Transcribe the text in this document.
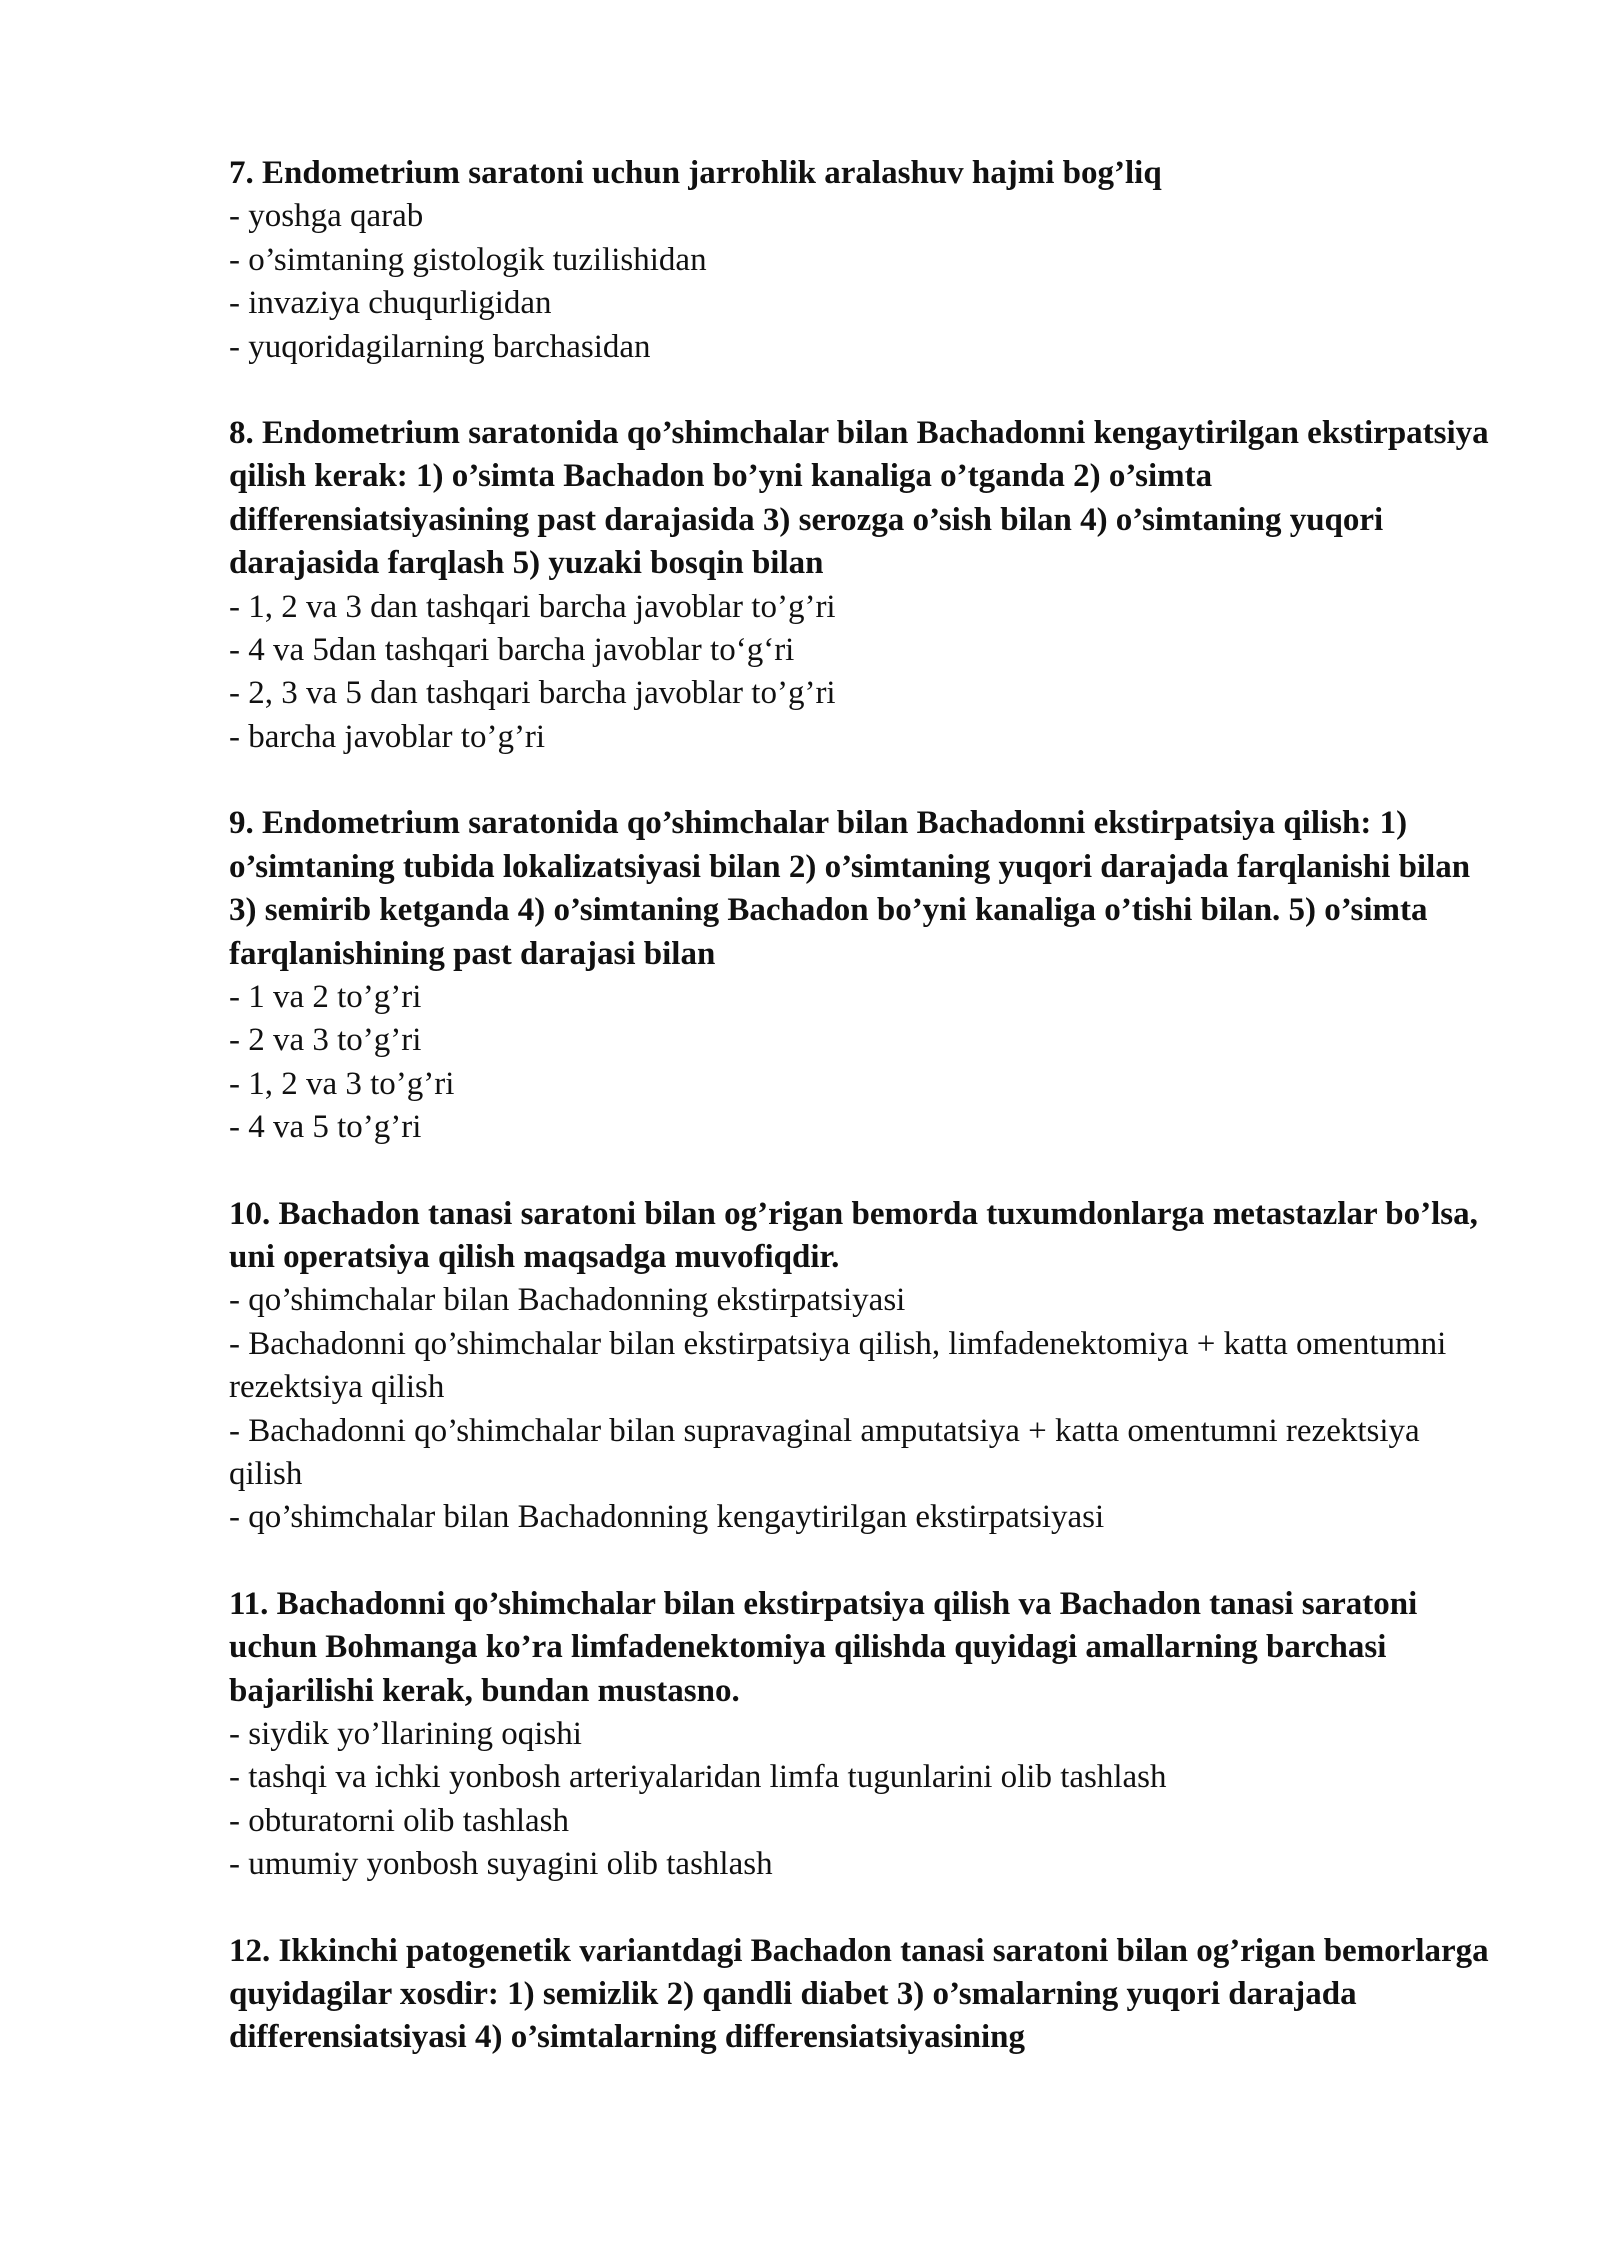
7. Endometrium saratoni uchun jarrohlik aralashuv hajmi bog’liq

- yoshga qarab

- o’simtaning gistologik tuzilishidan

- invaziya chuqurligidan

- yuqoridagilarning barchasidan

8. Endometrium saratonida qo’shimchalar bilan Bachadonni kengaytirilgan ekstirpatsiya qilish kerak: 1) o’simta Bachadon bo’yni kanaliga o’tganda 2) o’simta differensiatsiyasining past darajasida 3) serozga o’sish bilan 4) o’simtaning yuqori darajasida farqlash 5) yuzaki bosqin bilan

- 1, 2 va 3 dan tashqari barcha javoblar to’g’ri

- 4 va 5dan tashqari barcha javoblar to‘g‘ri

- 2, 3 va 5 dan tashqari barcha javoblar to’g’ri

- barcha javoblar to’g’ri

9. Endometrium saratonida qo’shimchalar bilan Bachadonni ekstirpatsiya qilish: 1) o’simtaning tubida lokalizatsiyasi bilan 2) o’simtaning yuqori darajada farqlanishi bilan 3) semirib ketganda 4) o’simtaning Bachadon bo’yni kanaliga o’tishi bilan. 5) o’simta farqlanishining past darajasi bilan

- 1 va 2 to’g’ri

- 2 va 3 to’g’ri

- 1, 2 va 3 to’g’ri

- 4 va 5 to’g’ri

10. Bachadon tanasi saratoni bilan og’rigan bemorda tuxumdonlarga metastazlar bo’lsa, uni operatsiya qilish maqsadga muvofiqdir.

- qo’shimchalar bilan Bachadonning ekstirpatsiyasi

- Bachadonni qo’shimchalar bilan ekstirpatsiya qilish, limfadenektomiya + katta omentumni rezektsiya qilish

- Bachadonni qo’shimchalar bilan supravaginal amputatsiya + katta omentumni rezektsiya qilish

- qo’shimchalar bilan Bachadonning kengaytirilgan ekstirpatsiyasi

11. Bachadonni qo’shimchalar bilan ekstirpatsiya qilish va Bachadon tanasi saratoni uchun Bohmanga ko’ra limfadenektomiya qilishda quyidagi amallarning barchasi bajarilishi kerak, bundan mustasno.

- siydik yo’llarining oqishi

- tashqi va ichki yonbosh arteriyalaridan limfa tugunlarini olib tashlash

- obturatorni olib tashlash

- umumiy yonbosh suyagini olib tashlash

12. Ikkinchi patogenetik variantdagi Bachadon tanasi saratoni bilan og’rigan bemorlarga quyidagilar xosdir: 1) semizlik 2) qandli diabet 3) o’smalarning yuqori darajada differensiatsiyasi 4) o’simtalarning differensiatsiyasining
